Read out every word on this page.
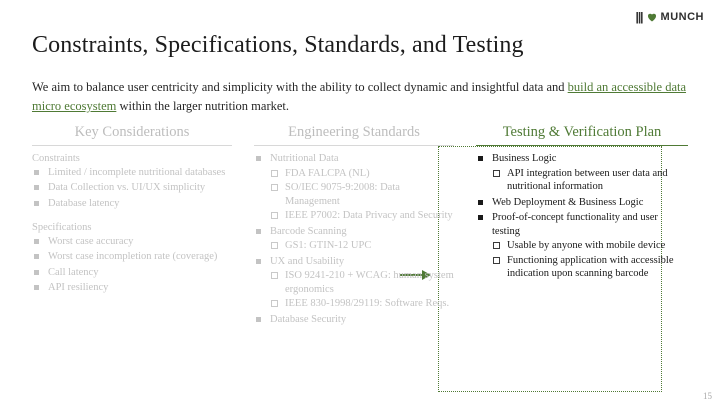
||| MUNCH
Constraints, Specifications, Standards, and Testing
We aim to balance user centricity and simplicity with the ability to collect dynamic and insightful data and build an accessible data micro ecosystem within the larger nutrition market.
Key Considerations
Constraints
Limited / incomplete nutritional databases
Data Collection vs. UI/UX simplicity
Database latency
Specifications
Worst case accuracy
Worst case incompletion rate (coverage)
Call latency
API resiliency
Engineering Standards
Nutritional Data
FDA FALCPA (NL)
SO/IEC 9075-9:2008: Data Management
IEEE P7002: Data Privacy and Security
Barcode Scanning
GS1: GTIN-12 UPC
UX and Usability
ISO 9241-210 + WCAG: human system ergonomics
IEEE 830-1998/29119: Software Reqs.
Database Security
Testing & Verification Plan
Business Logic
API integration between user data and nutritional information
Web Deployment & Business Logic
Proof-of-concept functionality and user testing
Usable by anyone with mobile device
Functioning application with accessible indication upon scanning barcode
15
